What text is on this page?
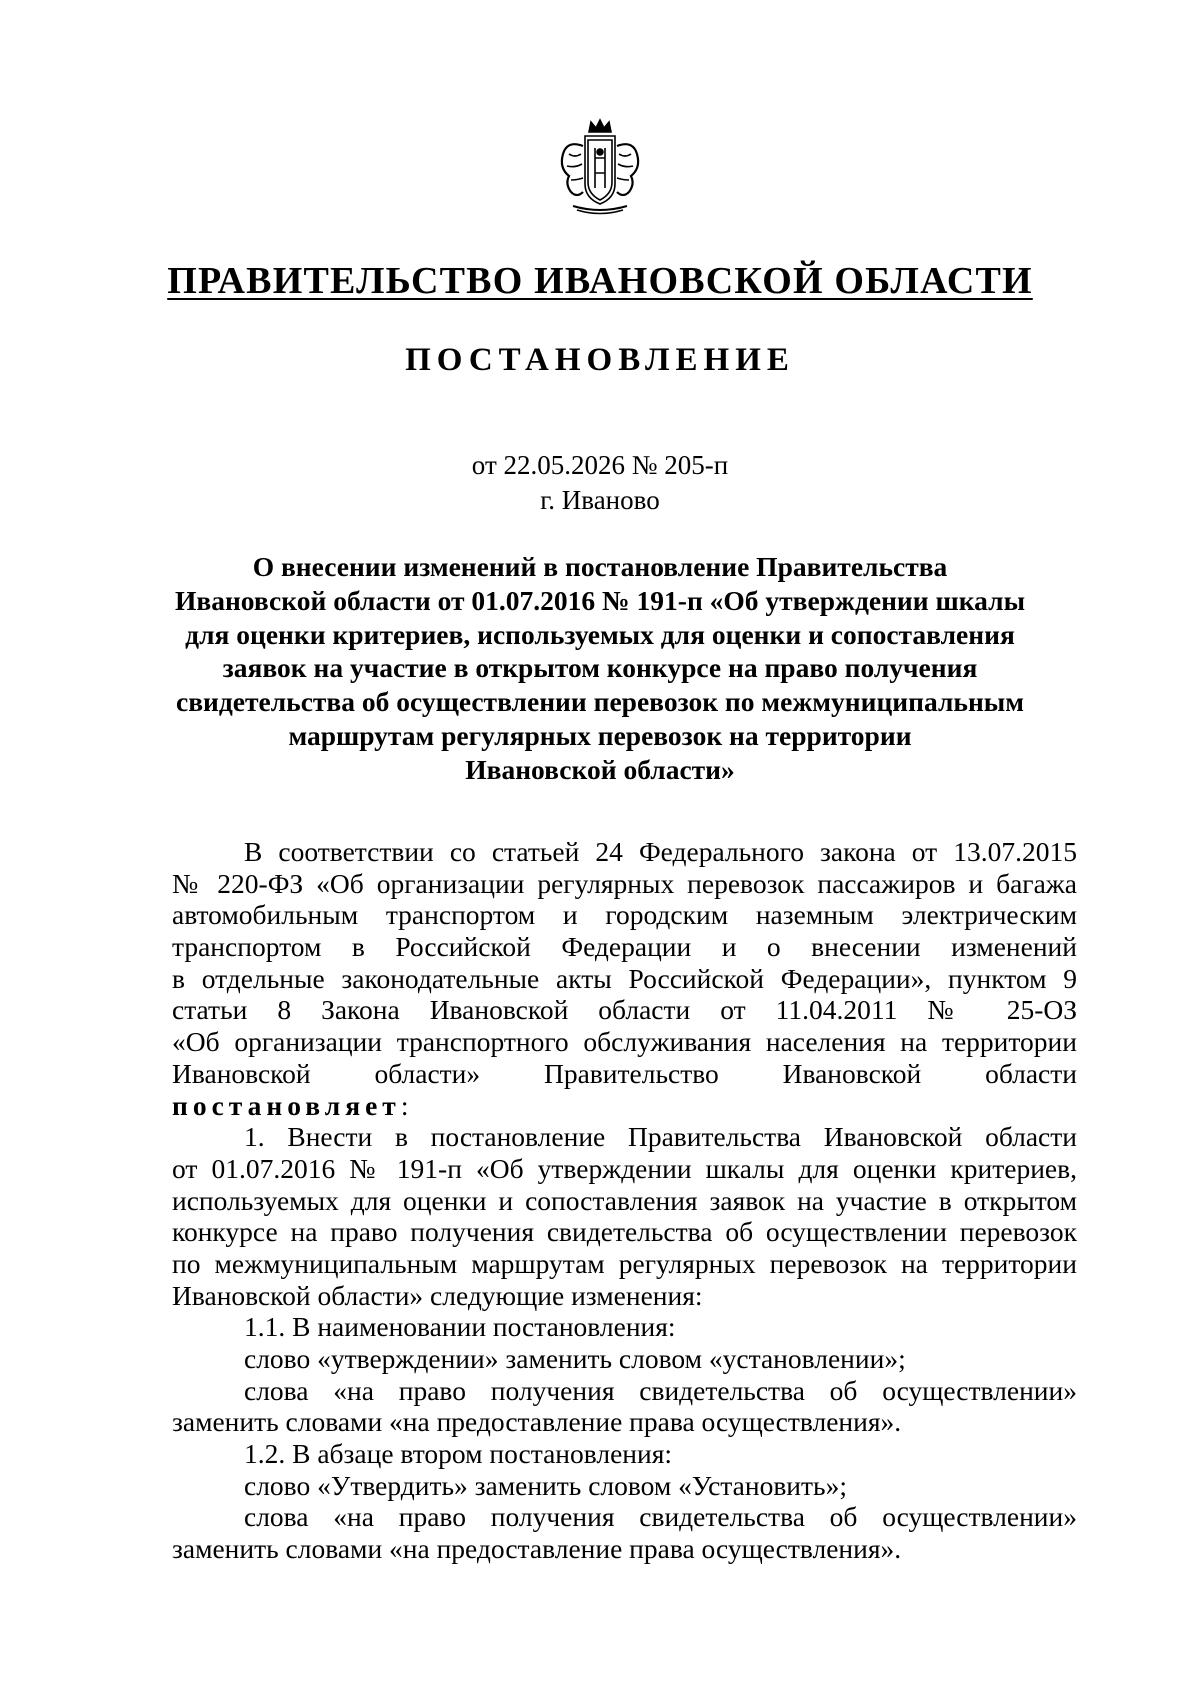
ПРАВИТЕЛЬСТВО ИВАНОВСКОЙ ОБЛАСТИ
ПОСТАНОВЛЕНИЕ
от 22.05.2026 № 205-п
г. Иваново
О внесении изменений в постановление Правительства
Ивановской области от 01.07.2016 № 191-п «Об утверждении шкалы
для оценки критериев, используемых для оценки и сопоставления
заявок на участие в открытом конкурсе на право получения
свидетельства об осуществлении перевозок по межмуниципальным
маршрутам регулярных перевозок на территории
Ивановской области»
В соответствии со статьей 24 Федерального закона от 13.07.2015
№ 220-ФЗ «Об организации регулярных перевозок пассажиров и багажа
автомобильным транспортом и городским наземным электрическим
транспортом в Российской Федерации и о внесении изменений
в отдельные законодательные акты Российской Федерации», пунктом 9
статьи 8 Закона Ивановской области от 11.04.2011 № 25-ОЗ
«Об организации транспортного обслуживания населения на территории
Ивановской области» Правительство Ивановской области
постановляет:
1. Внести в постановление Правительства Ивановской области
от 01.07.2016 № 191-п «Об утверждении шкалы для оценки критериев,
используемых для оценки и сопоставления заявок на участие в открытом
конкурсе на право получения свидетельства об осуществлении перевозок
по межмуниципальным маршрутам регулярных перевозок на территории
Ивановской области» следующие изменения:
1.1. В наименовании постановления:
слово «утверждении» заменить словом «установлении»;
слова «на право получения свидетельства об осуществлении»
заменить словами «на предоставление права осуществления».
1.2. В абзаце втором постановления:
слово «Утвердить» заменить словом «Установить»;
слова «на право получения свидетельства об осуществлении»
заменить словами «на предоставление права осуществления».
